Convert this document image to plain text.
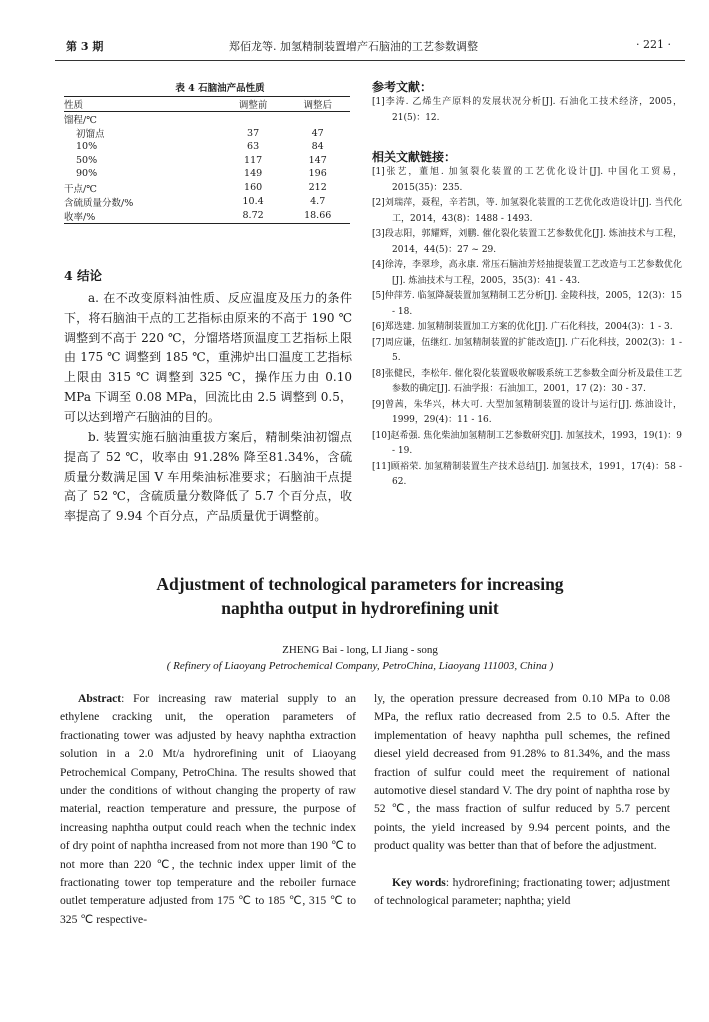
第 3 期	郑佰龙等. 加氢精制装置增产石脑油的工艺参数调整	· 221 ·
表 4 石脑油产品性质
性质	调整前	调整后
馏程/℃		
初馏点	37	47
10%	63	84
50%	117	147
90%	149	196
干点/℃	160	212
含硫质量分数/%	10.4	4.7
收率/%	8.72	18.66
4 结论
a. 在不改变原料油性质、反应温度及压力的条件下，将石脑油干点的工艺指标由原来的不高于 190 ℃ 调整到不高于 220 ℃，分馏塔塔顶温度工艺指标上限由 175 ℃ 调整到 185 ℃，重沸炉出口温度工艺指标上限由 315 ℃ 调整到 325 ℃，操作压力由 0.10 MPa 下调至 0.08 MPa，回流比由 2.5 调整到 0.5，可以达到增产石脑油的目的。
b. 装置实施石脑油重拔方案后，精制柴油初馏点提高了 52 ℃，收率由 91.28% 降至81.34%，含硫质量分数满足国 V 车用柴油标准要求；石脑油干点提高了 52 ℃，含硫质量分数降低了 5.7 个百分点，收率提高了 9.94 个百分点，产品质量优于调整前。
参考文献：
[1]李涛. 乙烯生产原料的发展状况分析[J]. 石油化工技术经济，2005，21(5)：12.
相关文献链接：
[1]张艺，董旭. 加氢裂化装置的工艺优化设计[J]. 中国化工贸易，2015(35)：235.
[2]刘瑞萍，聂程，辛若凯，等. 加氢裂化装置的工艺优化改造设计[J]. 当代化工，2014，43(8)：1488 - 1493.
[3]段志阳，郭耀辉，刘鹏. 催化裂化装置工艺参数优化[J]. 炼油技术与工程，2014，44(5)：27 ~ 29.
[4]徐涛，李翠珍，高永康. 常压石脑油芳烃抽提装置工艺改造与工艺参数优化[J]. 炼油技术与工程，2005，35(3)：41 - 43.
[5]仲萍芳. 临氢降凝装置加氢精制工艺分析[J]. 金陵科技，2005，12(3)：15 - 18.
[6]郑选建. 加氢精制装置加工方案的优化[J]. 广石化科技，2004(3)：1 - 3.
[7]周应谦，伍继红. 加氢精制装置的扩能改造[J]. 广石化科技，2002(3)：1 - 5.
[8]张健民，李松年. 催化裂化装置吸收解吸系统工艺参数全面分析及最佳工艺参数的确定[J]. 石油学报：石油加工，2001，17 (2)：30 - 37.
[9]曾茜，朱华兴，林大可. 大型加氢精制装置的设计与运行[J]. 炼油设计，1999，29(4)：11 - 16.
[10]赵希强. 焦化柴油加氢精制工艺参数研究[J]. 加氢技术，1993，19(1)：9 - 19.
[11]顾裕荣. 加氢精制装置生产技术总结[J]. 加氢技术，1991，17(4)：58 - 62.
Adjustment of technological parameters for increasing
naphtha output in hydrorefining unit
ZHENG Bai - long, LI Jiang - song
( Refinery of Liaoyang Petrochemical Company, PetroChina, Liaoyang 111003, China )
Abstract: For increasing raw material supply to an ethylene cracking unit, the operation parameters of fractionating tower was adjusted by heavy naphtha extraction solution in a 2.0 Mt/a hydrorefining unit of Liaoyang Petrochemical Company, PetroChina. The results showed that under the conditions of without changing the property of raw material, reaction temperature and pressure, the purpose of increasing naphtha output could reach when the technic index of dry point of naphtha increased from not more than 190 ℃ to not more than 220 ℃, the technic index upper limit of the fractionating tower top temperature and the reboiler furnace outlet temperature adjusted from 175 ℃ to 185 ℃, 315 ℃ to 325 ℃ respective-
ly, the operation pressure decreased from 0.10 MPa to 0.08 MPa, the reflux ratio decreased from 2.5 to 0.5. After the implementation of heavy naphtha pull schemes, the refined diesel yield decreased from 91.28% to 81.34%, and the mass fraction of sulfur could meet the requirement of national automotive diesel standard V. The dry point of naphtha rose by 52 ℃, the mass fraction of sulfur reduced by 5.7 percent points, the yield increased by 9.94 percent points, and the product quality was better than that of before the adjustment.
Key words: hydrorefining; fractionating tower; adjustment of technological parameter; naphtha; yield
